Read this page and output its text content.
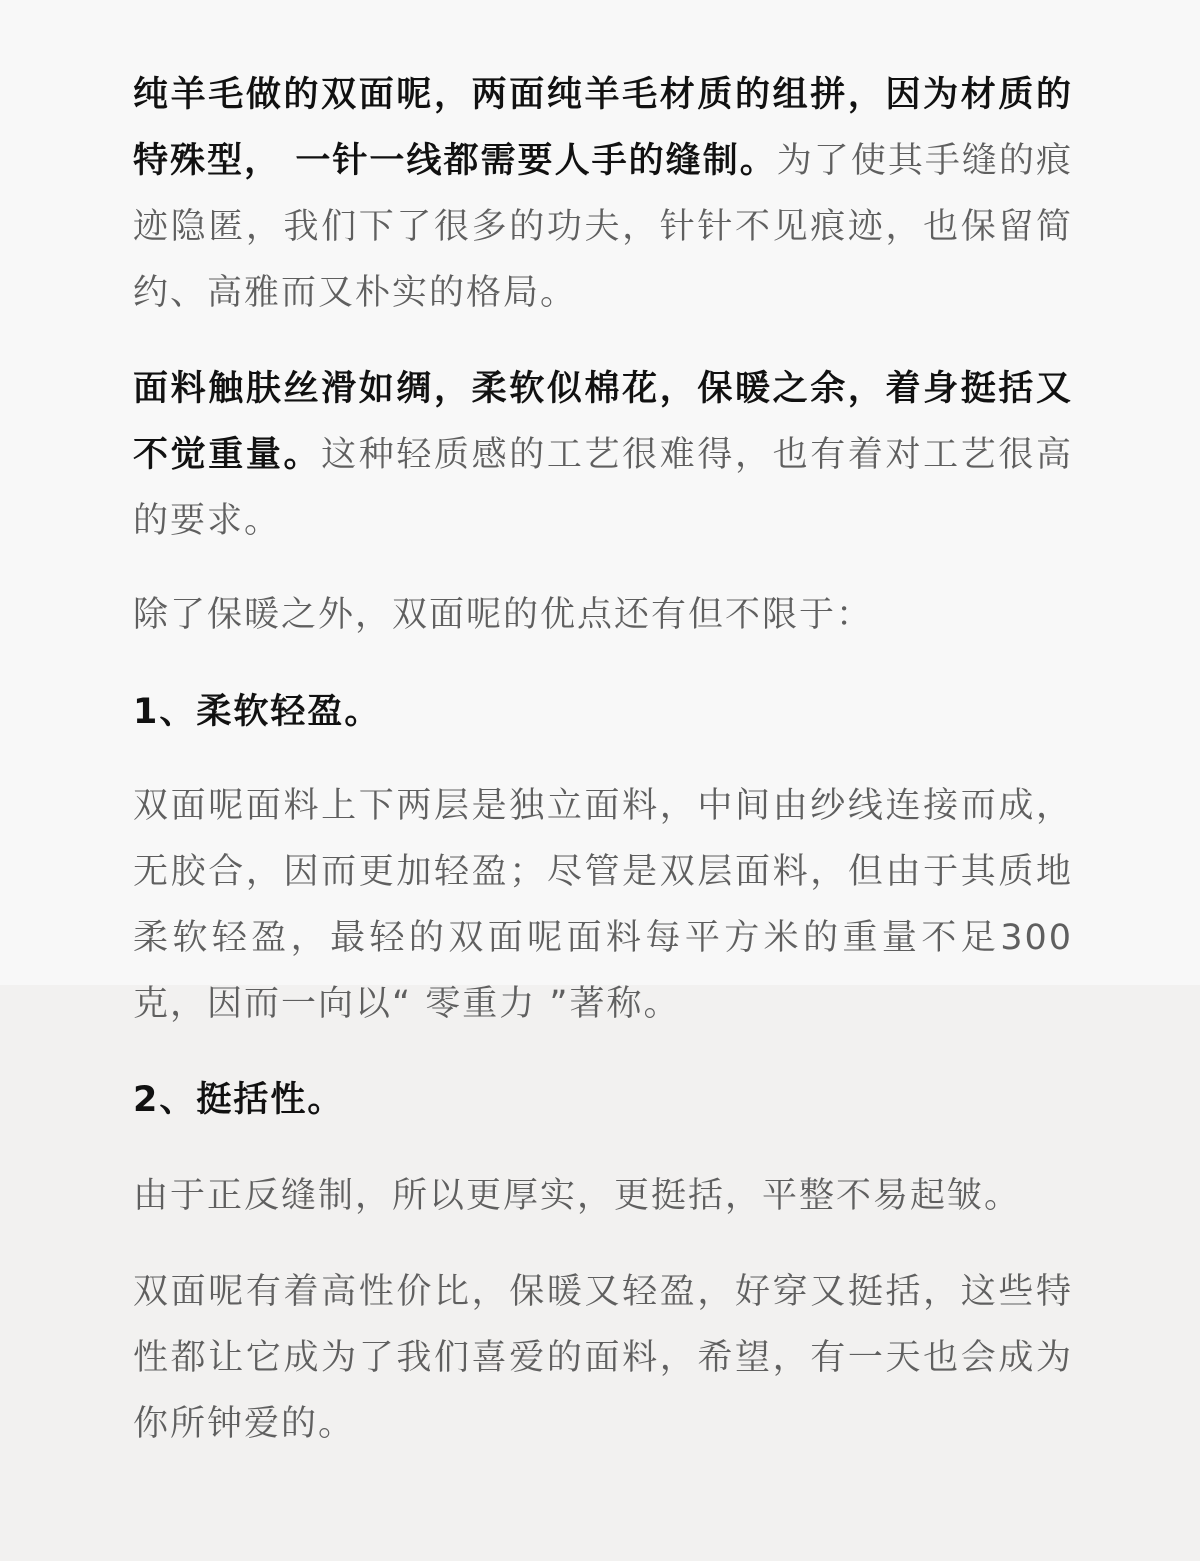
纯羊毛做的双面呢，两面纯羊毛材质的组拼，因为材质的特殊型， 一针一线都需要人手的缝制。为了使其手缝的痕迹隐匿，我们下了很多的功夫，针针不见痕迹，也保留简约、高雅而又朴实的格局。

面料触肤丝滑如绸，柔软似棉花，保暖之余，着身挺括又不觉重量。这种轻质感的工艺很难得，也有着对工艺很高的要求。

除了保暖之外，双面呢的优点还有但不限于：

1、柔软轻盈。

双面呢面料上下两层是独立面料，中间由纱线连接而成，无胶合，因而更加轻盈；尽管是双层面料，但由于其质地柔软轻盈，最轻的双面呢面料每平方米的重量不足300 克，因而一向以“ 零重力 ”著称。

2、挺括性。

由于正反缝制，所以更厚实，更挺括，平整不易起皱。

双面呢有着高性价比，保暖又轻盈，好穿又挺括，这些特性都让它成为了我们喜爱的面料，希望，有一天也会成为你所钟爱的。
